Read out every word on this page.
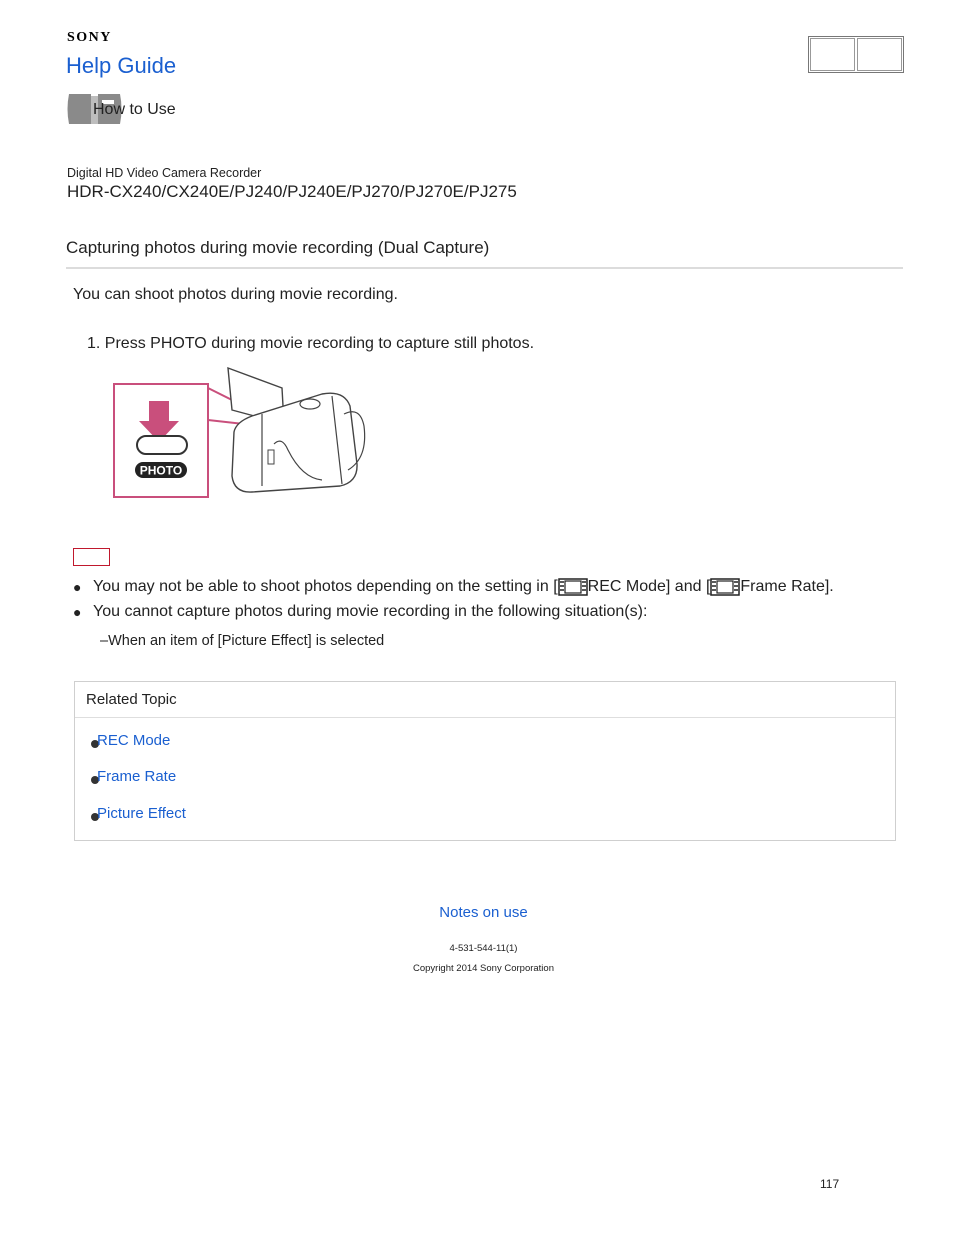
SONY
Help Guide
How to Use
Digital HD Video Camera Recorder
HDR-CX240/CX240E/PJ240/PJ240E/PJ270/PJ270E/PJ275
Capturing photos during movie recording (Dual Capture)
You can shoot photos during movie recording.
1. Press PHOTO during movie recording to capture still photos.
PHOTO
● You may not be able to shoot photos depending on the setting in [ REC Mode] and [ Frame Rate].
● You cannot capture photos during movie recording in the following situation(s):
–When an item of [Picture Effect] is selected
Related Topic
REC Mode
Frame Rate
Picture Effect
Notes on use
4-531-544-11(1)
Copyright 2014 Sony Corporation
117
